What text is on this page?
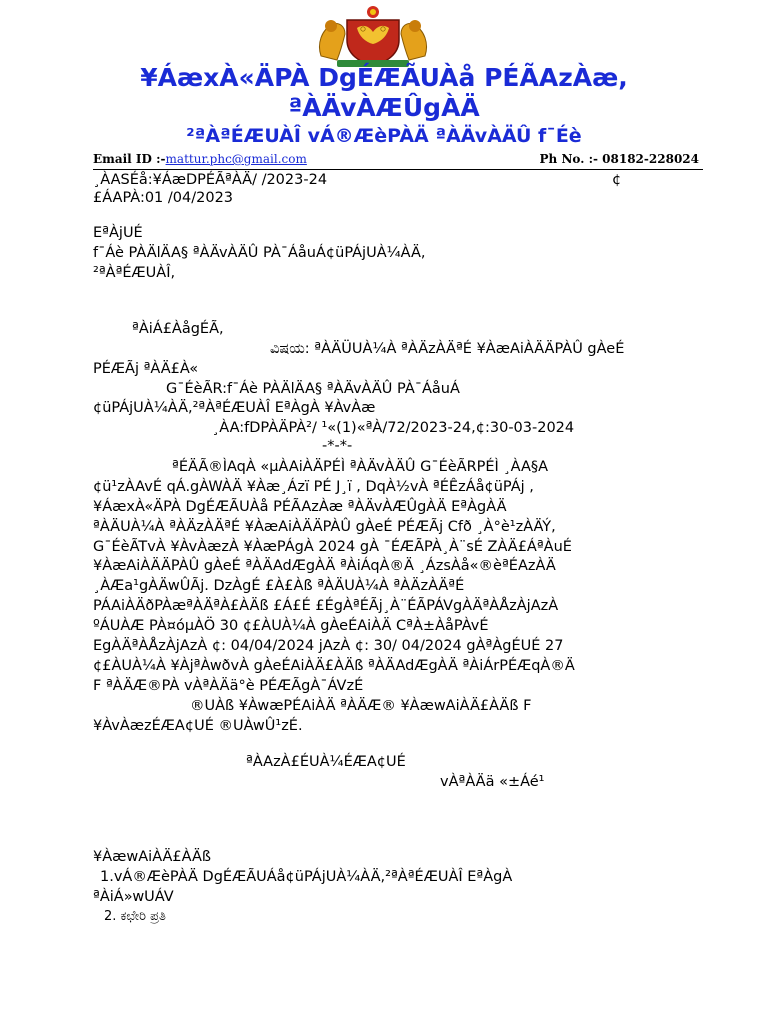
¥ÁæxÀ«ÄPÀ DgÉÆÃUÀå PÉÃAzÀæ,
ªÀÄvÀÆÛgÀÄ
²ªÀªÉÆUÀÎ vÁ®ÆèPÀÄ ªÀÄvÀÄÛ f¯Éè
Email ID :-mattur.phc@gmail.com	Ph No. :- 08182-228024
¸ÀASÉå:¥ÁæDPÉÃªÀÄ/ /2023-24	¢
£ÁAPÀ:01 /04/2023
EªÀjUÉ
f¯Áè PÀÄlÄA§ ªÀÄvÀÄÛ PÀ¯ÁåuÁ¢üPÁjUÀ¼ÀÄ,
²ªÀªÉÆUÀÎ,
ªÀiÁ£ÀågÉÃ,
ವಿಷಯ: ªÀÄÜUÀ¼À ªÀÄzÀÄªÉ ¥ÀæAiÀÄÄPÀÛ gÀeÉ
PÉÆÃj ªÀÄ£À«
G¯ÉèÃR:f¯Áè PÀÄlÄA§ ªÀÄvÀÄÛ PÀ¯ÁåuÁ
¢üPÁjUÀ¼ÀÄ,²ªÀªÉÆUÀÎ EªÀgÀ ¥ÀvÀæ
¸ÀA:fDPÀÄPÀ²/ ¹«(1)«ªÀ/72/2023-24,¢:30-03-2024
-*-*-
ªÉÄÃ®ÌAqÀ «µÀAiÀÄPÉÌ ªÀÄvÀÄÛ G¯ÉèÃRPÉÌ ¸ÀA§A
¢ü¹zÀAvÉ qÁ.gÀWÀÄ ¥Àæ¸Ázï PÉ J¸ï , DqÀ½vÀ ªÉÊzÁå¢üPÁj ,
¥ÁæxÀ«ÄPÀ DgÉÆÃUÀå PÉÃAzÀæ ªÀÄvÀÆÛgÀÄ EªÀgÀÄ
ªÀÄUÀ¼À ªÀÄzÀÄªÉ ¥ÀæAiÀÄÄPÀÛ gÀeÉ PÉÆÃj Cfð ¸À°è¹zÀÄÝ,
G¯ÉèÃTvÀ ¥ÀvÀæzÀ ¥ÀæPÁgÀ 2024 gÀ ¯ÉÆÃPÀ¸À¨sÉ ZÀÄ£ÁªÀuÉ
¥ÀæAiÀÄÄPÀÛ gÀeÉ ªÀÄAdÆgÀÄ ªÀiÁqÀ®Ä ¸ÁzsÀå«®èªÉAzÀÄ
¸ÀÆa¹gÀÄwÛÃj. DzÀgÉ £À£Àß ªÀÄUÀ¼À ªÀÄzÀÄªÉ
PÁAiÀÄðPÀæªÀÄªÀ£ÀÄß £Á£É £ÉgÀªÉÃj¸À¨ÉÃPÁVgÀÄªÀÅzÀjAzÀ
ºÁUÀÆ PÀ¤óµÀÖ 30 ¢£ÀUÀ¼À gÀeÉAiÀÄ CªÀ±ÀåPÀvÉ
EgÀÄªÀÅzÀjAzÀ ¢: 04/04/2024 jAzÀ ¢: 30/ 04/2024 gÀªÀgÉUÉ 27
¢£ÀUÀ¼À ¥ÀjªÀwðvÀ gÀeÉAiÀÄ£ÀÄß ªÀÄAdÆgÀÄ ªÀiÁrPÉÆqÀ®Ä
F ªÀÄÆ®PÀ vÀªÀÄä°è PÉÆÃgÀ¯ÁVzÉ
®UÀß ¥ÀwæPÉAiÀÄ ªÀÄÆ® ¥ÀæwAiÀÄ£ÀÄß F
¥ÀvÀæzÉÆA¢UÉ ®UÀwÛ¹zÉ.
ªÀAzÀ£ÉUÀ¼ÉÆA¢UÉ
vÀªÀÄä «±Áé¹
¥ÀæwAiÀÄ£ÀÄß
1.vÁ®ÆèPÀÄ DgÉÆÃUÁå¢üPÁjUÀ¼ÀÄ,²ªÀªÉÆUÀÎ EªÀgÀ
ªÀiÁ»wUÁV
2. ಕಛೇರಿ ಪ್ರತಿ
